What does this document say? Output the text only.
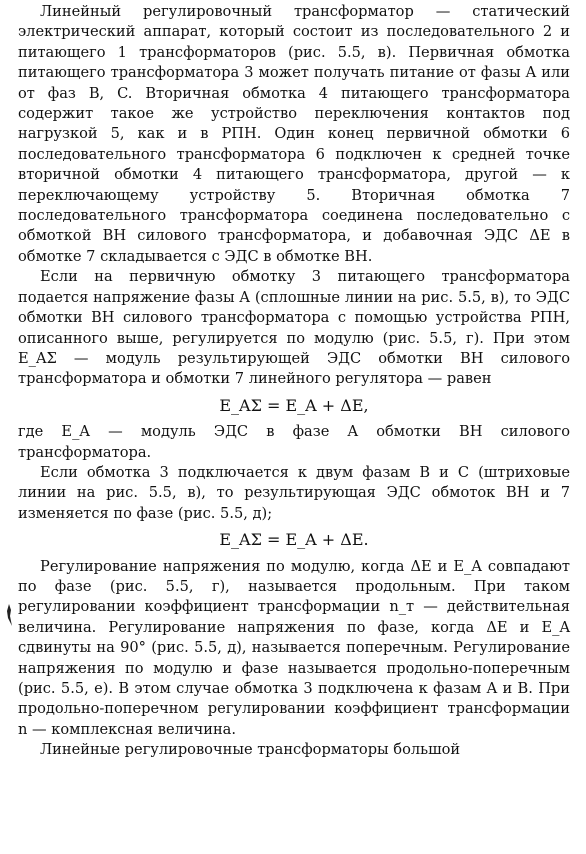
Линейный регулировочный трансформатор — статический электрический аппарат, который состоит из последовательного 2 и питающего 1 трансформаторов (рис. 5.5, в). Первичная обмотка питающего трансформатора 3 может получать питание от фазы A или от фаз B, C. Вторичная обмотка 4 питающего трансформатора содержит такое же устройство переключения контактов под нагрузкой 5, как и в РПН. Один конец первичной обмотки 6 последовательного трансформатора 6 подключен к средней точке вторичной обмотки 4 питающего трансформатора, другой — к переключающему устройству 5. Вторичная обмотка 7 последовательного трансформатора соединена последовательно с обмоткой ВН силового трансформатора, и добавочная ЭДС ΔE в обмотке 7 складывается с ЭДС в обмотке ВН.

Если на первичную обмотку 3 питающего трансформатора подается напряжение фазы A (сплошные линии на рис. 5.5, в), то ЭДС обмотки ВН силового трансформатора с помощью устройства РПН, описанного выше, регулируется по модулю (рис. 5.5, г). При этом E_AΣ — модуль результирующей ЭДС обмотки ВН силового трансформатора и обмотки 7 линейного регулятора — равен

E_AΣ = E_A + ΔE,

где E_A — модуль ЭДС в фазе A обмотки ВН силового трансформатора.

Если обмотка 3 подключается к двум фазам B и C (штриховые линии на рис. 5.5, в), то результирующая ЭДС обмоток ВН и 7 изменяется по фазе (рис. 5.5, д);

E_AΣ = E_A + ΔE.

Регулирование напряжения по модулю, когда ΔE и E_A совпадают по фазе (рис. 5.5, г), называется продольным. При таком регулировании коэффициент трансформации n_т — действительная величина. Регулирование напряжения по фазе, когда ΔE и E_A сдвинуты на 90° (рис. 5.5, д), называется поперечным. Регулирование напряжения по модулю и фазе называется продольно-поперечным (рис. 5.5, е). В этом случае обмотка 3 подключена к фазам A и B. При продольно-поперечном регулировании коэффициент трансформации n — комплексная величина.

Линейные регулировочные трансформаторы большой
